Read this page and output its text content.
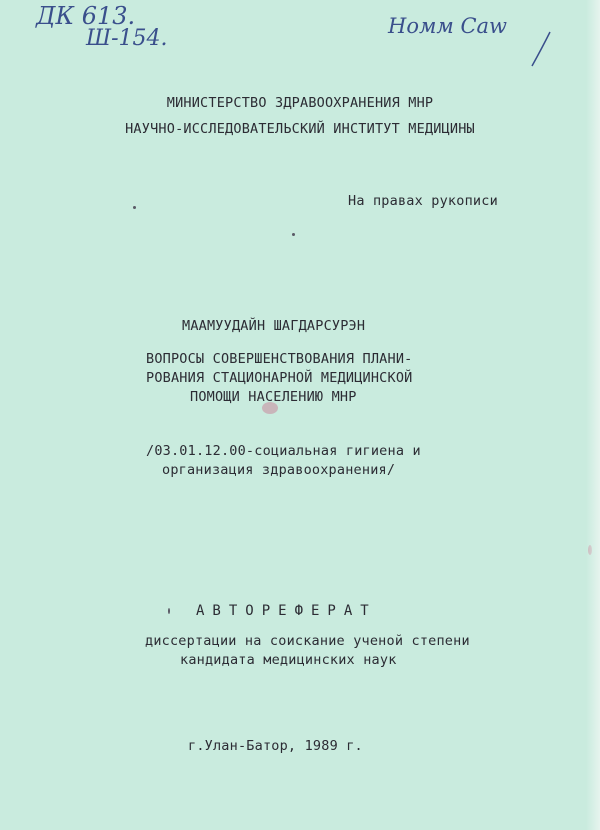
ДК 613.
Ш-154.	Номм Саw
МИНИСТЕРСТВО ЗДРАВООХРАНЕНИЯ МНР
НАУЧНО-ИССЛЕДОВАТЕЛЬСКИЙ ИНСТИТУТ МЕДИЦИНЫ
На правах рукописи
МААМУУДАЙН ШАГДАРСУРЭН
ВОПРОСЫ СОВЕРШЕНСТВОВАНИЯ ПЛАНИ-
РОВАНИЯ СТАЦИОНАРНОЙ МЕДИЦИНСКОЙ
ПОМОЩИ НАСЕЛЕНИЮ МНР
/03.01.12.00-социальная гигиена и
организация здравоохранения/
АВТОРЕФЕРАТ
диссертации на соискание ученой степени
кандидата медицинских наук
г.Улан-Батор, 1989 г.
